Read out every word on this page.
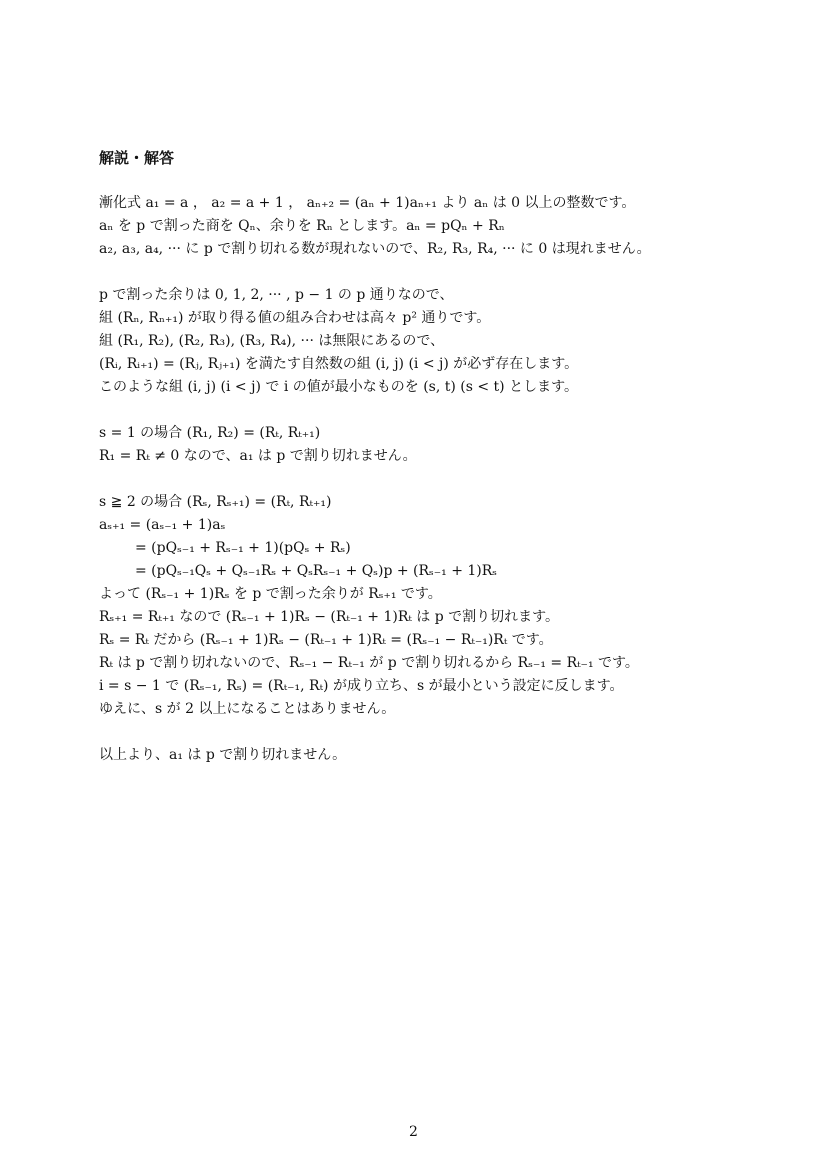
解説・解答
漸化式 a₁ = a ， a₂ = a + 1 ， aₙ₊₂ = (aₙ + 1)aₙ₊₁ より aₙ は 0 以上の整数です。
aₙ を p で割った商を Qₙ、余りを Rₙ とします。aₙ = pQₙ + Rₙ
a₂, a₃, a₄, ··· に p で割り切れる数が現れないので、R₂, R₃, R₄, ··· に 0 は現れません。
p で割った余りは 0, 1, 2, ··· , p − 1 の p 通りなので、
組 (Rₙ, Rₙ₊₁) が取り得る値の組み合わせは高々 p² 通りです。
組 (R₁, R₂), (R₂, R₃), (R₃, R₄), ··· は無限にあるので、
(Rᵢ, Rᵢ₊₁) = (Rⱼ, Rⱼ₊₁) を満たす自然数の組 (i, j) (i < j) が必ず存在します。
このような組 (i, j) (i < j) で i の値が最小なものを (s, t) (s < t) とします。
s = 1 の場合 (R₁, R₂) = (Rₜ, Rₜ₊₁)
R₁ = Rₜ ≠ 0 なので、a₁ は p で割り切れません。
s ≧ 2 の場合 (Rₛ, Rₛ₊₁) = (Rₜ, Rₜ₊₁)
aₛ₊₁ = (aₛ₋₁ + 1)aₛ
= (pQₛ₋₁ + Rₛ₋₁ + 1)(pQₛ + Rₛ)
= (pQₛ₋₁Qₛ + Qₛ₋₁Rₛ + QₛRₛ₋₁ + Qₛ)p + (Rₛ₋₁ + 1)Rₛ
よって (Rₛ₋₁ + 1)Rₛ を p で割った余りが Rₛ₊₁ です。
Rₛ₊₁ = Rₜ₊₁ なので (Rₛ₋₁ + 1)Rₛ − (Rₜ₋₁ + 1)Rₜ は p で割り切れます。
Rₛ = Rₜ だから (Rₛ₋₁ + 1)Rₛ − (Rₜ₋₁ + 1)Rₜ = (Rₛ₋₁ − Rₜ₋₁)Rₜ です。
Rₜ は p で割り切れないので、Rₛ₋₁ − Rₜ₋₁ が p で割り切れるから Rₛ₋₁ = Rₜ₋₁ です。
i = s − 1 で (Rₛ₋₁, Rₛ) = (Rₜ₋₁, Rₜ) が成り立ち、s が最小という設定に反します。
ゆえに、s が 2 以上になることはありません。
以上より、a₁ は p で割り切れません。
2
